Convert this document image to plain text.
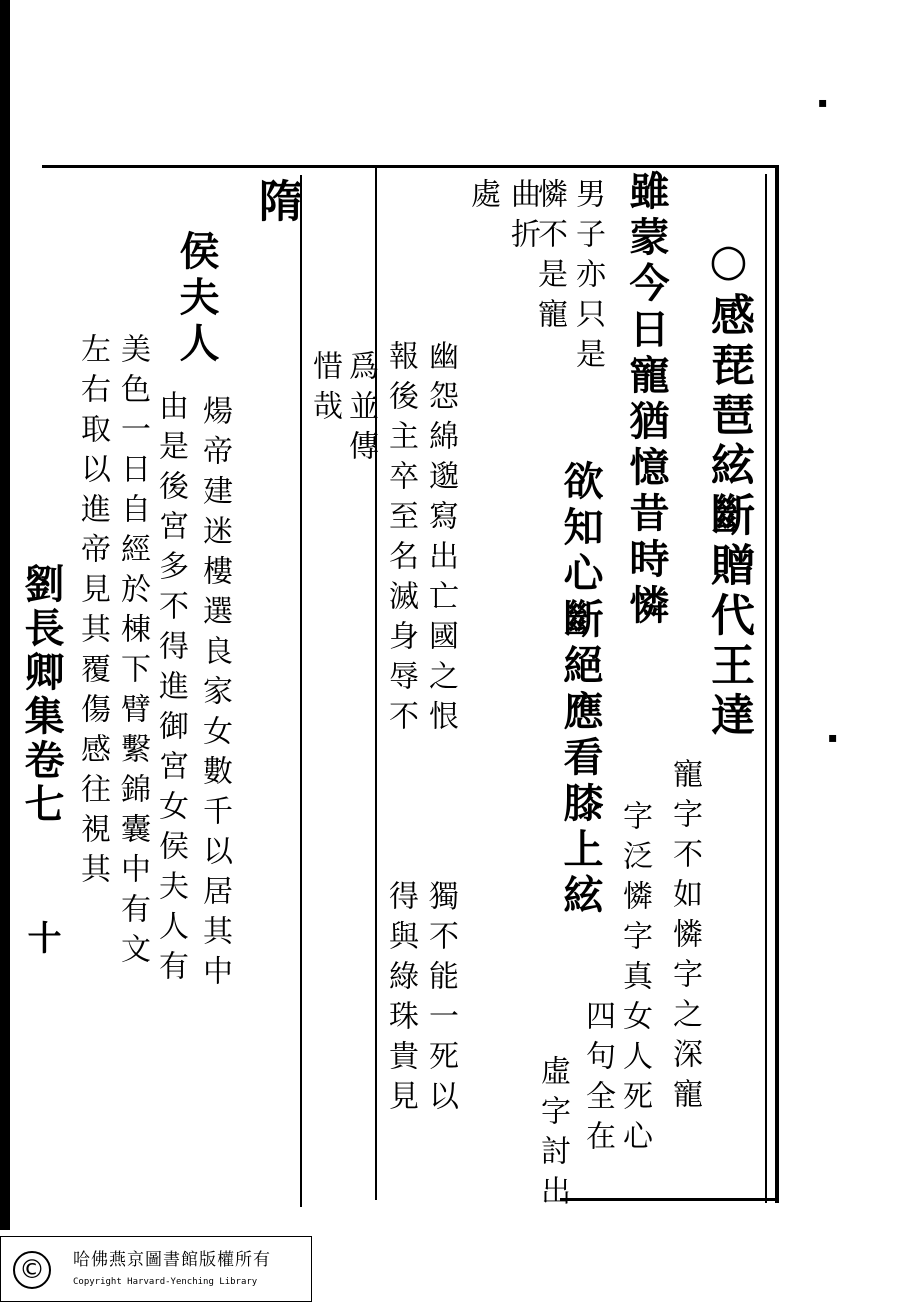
劉長卿集卷七
十
○感琵琶絃斷贈代王達
雖蒙今日寵猶憶昔時憐
寵字不如憐字之深寵
字泛憐字真女人死心
欲知心斷絕應看膝上絃
男子亦只是
四句全在
憐不是寵
虛字討出
曲折
處
幽怨綿邈寫出亡國之恨
報後主卒至名滅身辱不
獨不能一死以
得與綠珠貴見
爲並傳
惜哉
隋
侯夫人
煬帝建迷樓選良家女數千以居其中
由是後宮多不得進御宮女侯夫人有
美色一日自經於棟下臂繫錦囊中有文
左右取以進帝見其覆傷感往視其
▪
▪
©	哈佛燕京圖書館版權所有
Copyright Harvard-Yenching Library
